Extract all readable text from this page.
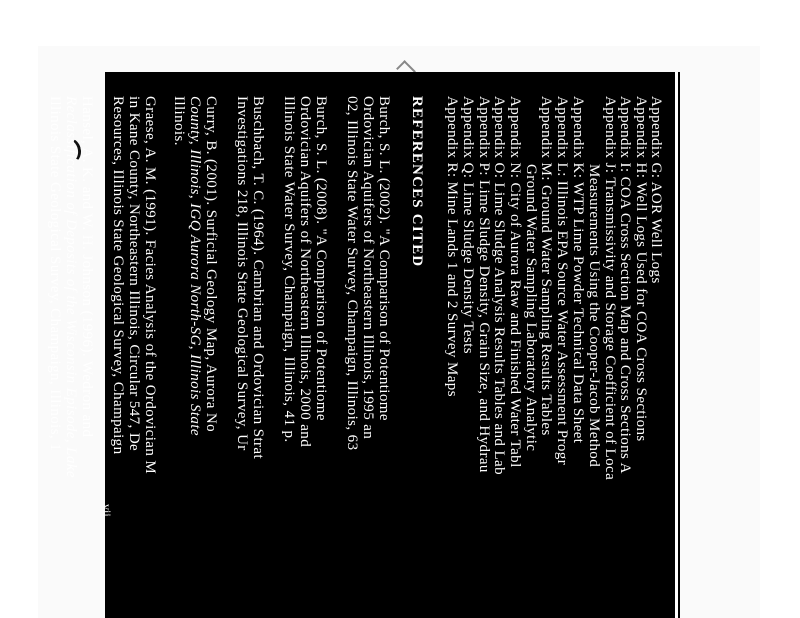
Appendix G: AOR Well Logs
Appendix H: Well Logs Used for COA Cross Sections
Appendix I: COA Cross Section Map and Cross Sections A
Appendix J: Transmissivity and Storage Coefficient of Loca
Measurements Using the Cooper-Jacob Method
Appendix K: WTP Lime Powder Technical Data Sheet
Appendix L: Illinois EPA Source Water Assessment Progr
Appendix M: Ground Water Sampling Results Tables
Ground Water Sampling Laboratory Analytic
Appendix N: City of Aurora Raw and Finished Water Tabl
Appendix O: Lime Sludge Analysis Results Tables and Lab
Appendix P: Lime Sludge Density, Grain Size, and Hydrau
Appendix Q: Lime Sludge Density Tests
Appendix R: Mine Lands 1 and 2 Survey Maps
REFERENCES CITED
Burch, S. L. (2002). "A Comparison of Potentiome
Ordovician Aquifers of Northeastern Illinois, 1995 an
02, Illinois State Water Survey, Champaign, Illinois, 63
Burch, S. L. (2008). "A Comparison of Potentiome
Ordovician Aquifers of Northeastern Illinois, 2000 and
Illinois State Water Survey, Champaign, Illinois, 41 p.
Buschbach, T. C. (1964). Cambrian and Ordovician Strat
Investigations 218, Illinois State Geological Survey, Ur
Curry, B. (2001). Surficial Geology Map, Aurora No
County, Illinois, IGQ Aurora North-SG, Illinois State
Illinois.
Graese, A. M. (1991). Facies Analysis of the Ordovician M
in Kane County, Northeastern Illinois, Circular 547, De
Resources, Illinois State Geological Survey, Champaign
Hansel, A. K. and W. H. Johnson (1996). Wedron and
Reclassification of Deposits of the Wisconsin Episode, Lake
Illinois State Geological Survey, Champaign, Illinois, 1
Mikulic, D. G., M. L. Sargent, R. D. Norby and D. R. K
Limestone in the Fox River Valley, Northeastern Illinois. Guideb
vii
